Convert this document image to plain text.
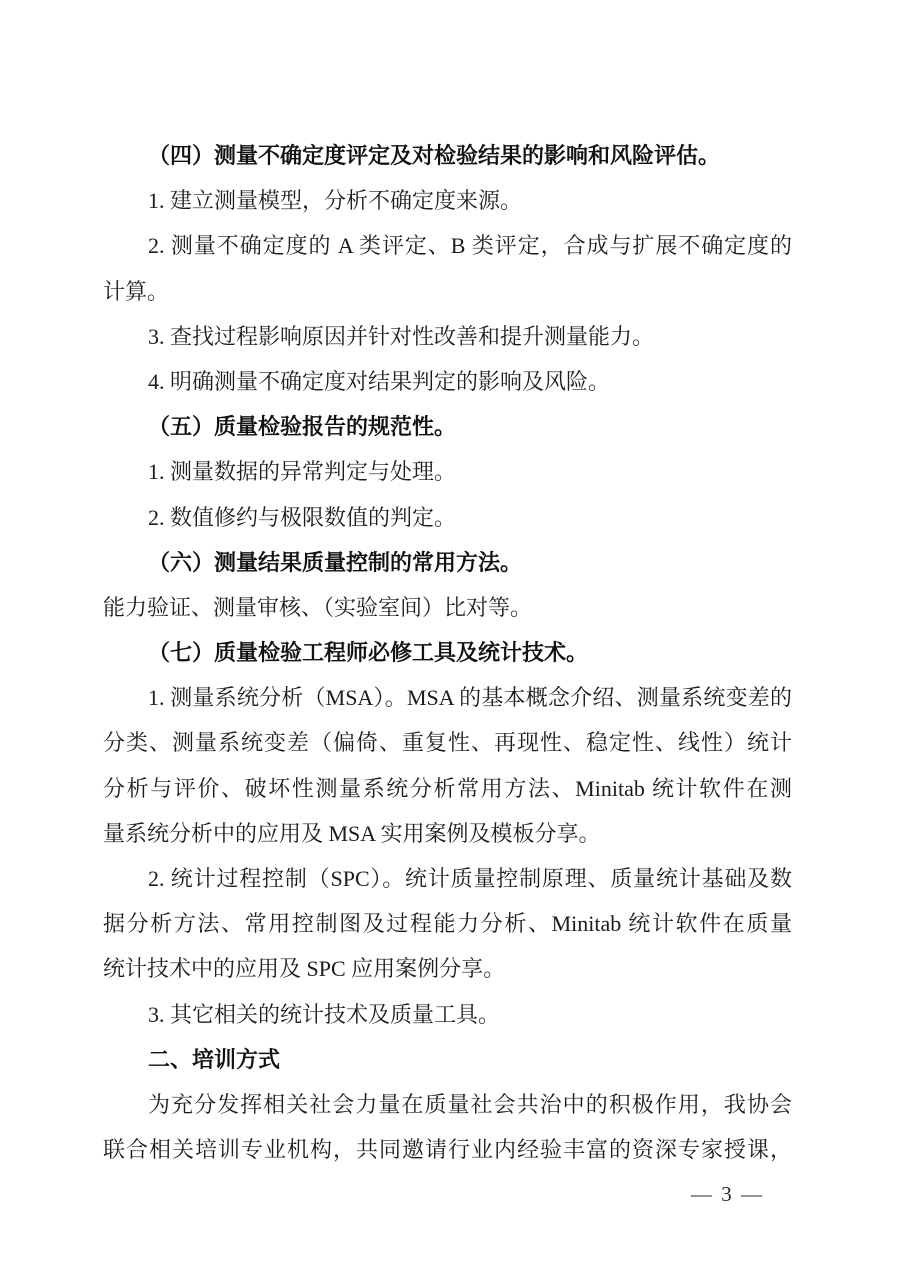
（四）测量不确定度评定及对检验结果的影响和风险评估。
1. 建立测量模型，分析不确定度来源。
2. 测量不确定度的 A 类评定、B 类评定，合成与扩展不确定度的
计算。
3. 查找过程影响原因并针对性改善和提升测量能力。
4. 明确测量不确定度对结果判定的影响及风险。
（五）质量检验报告的规范性。
1. 测量数据的异常判定与处理。
2. 数值修约与极限数值的判定。
（六）测量结果质量控制的常用方法。
能力验证、测量审核、（实验室间）比对等。
（七）质量检验工程师必修工具及统计技术。
1. 测量系统分析（MSA）。MSA 的基本概念介绍、测量系统变差的
分类、测量系统变差（偏倚、重复性、再现性、稳定性、线性）统计
分析与评价、破坏性测量系统分析常用方法、Minitab 统计软件在测
量系统分析中的应用及 MSA 实用案例及模板分享。
2. 统计过程控制（SPC）。统计质量控制原理、质量统计基础及数
据分析方法、常用控制图及过程能力分析、Minitab 统计软件在质量
统计技术中的应用及 SPC 应用案例分享。
3. 其它相关的统计技术及质量工具。
二、培训方式
为充分发挥相关社会力量在质量社会共治中的积极作用，我协会
联合相关培训专业机构，共同邀请行业内经验丰富的资深专家授课，
— 3 —
